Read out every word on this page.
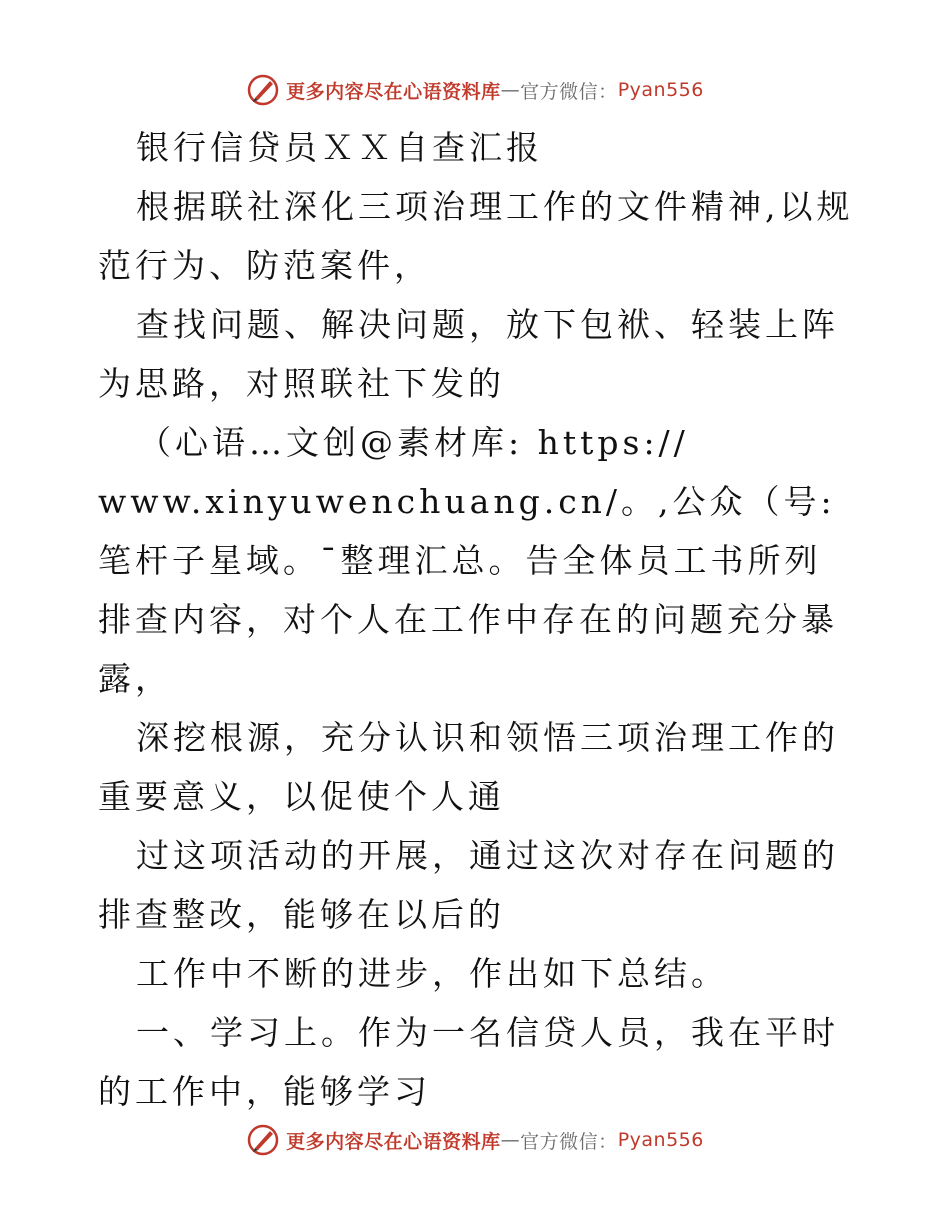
更多内容尽在心语资料库 — 官方微信： Pyan556

银行信贷员ＸＸ自查汇报

根据联社深化三项治理工作的文件精神,以规范行为、防范案件，

查找问题、解决问题，放下包袱、轻装上阵为思路，对照联社下发的

（心语…文创@素材库: https://

www.xinyuwenchuang.cn/。,公众（号: 笔杆子星域。¯整理汇总。告全体员工书所列排查内容，对个人在工作中存在的问题充分暴露，

深挖根源，充分认识和领悟三项治理工作的重要意义，以促使个人通

过这项活动的开展，通过这次对存在问题的排查整改，能够在以后的

工作中不断的进步，作出如下总结。

一、学习上。作为一名信贷人员，我在平时的工作中，能够学习

更多内容尽在心语资料库 — 官方微信： Pyan556
